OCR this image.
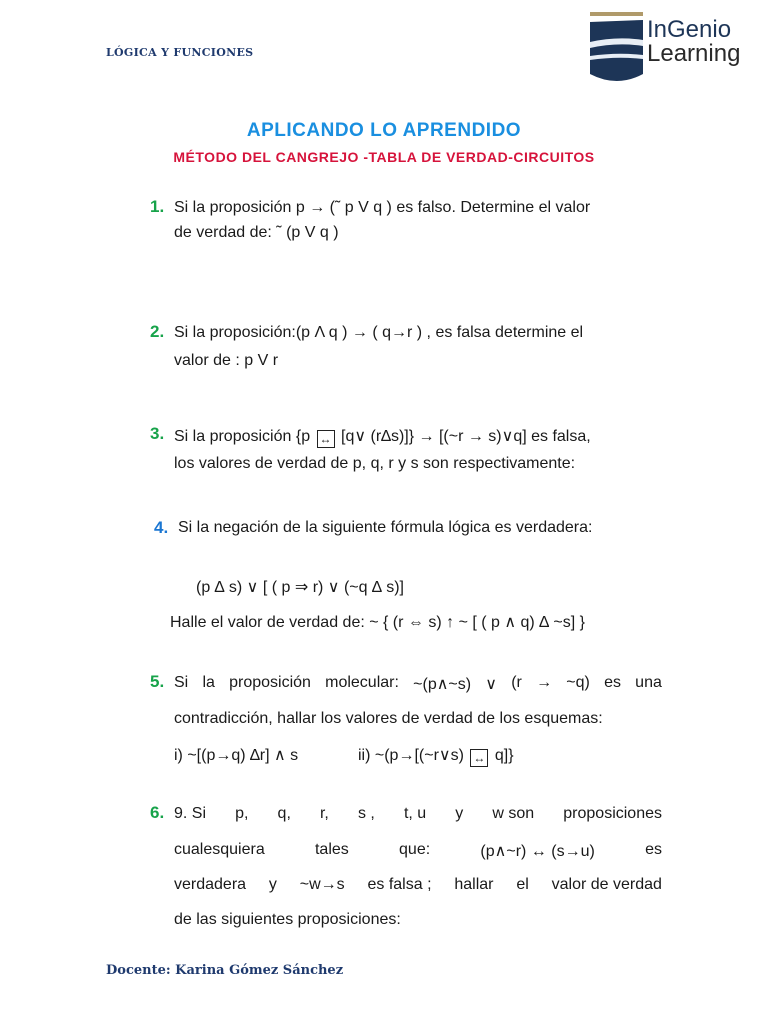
LÓGICA Y FUNCIONES
InGenio
Learning
APLICANDO LO APRENDIDO
MÉTODO DEL CANGREJO -TABLA DE VERDAD-CIRCUITOS
1. Si la proposición p → (˜ p V q ) es falso. Determine el valor
de verdad de: ˜ (p V q )
2. Si la proposición:(p Λ q ) → ( q→r ) , es falsa determine el
valor de : p V r
3. Si la proposición {p ↔ [q∨ (r∆s)]} → [(~r → s)∨q] es falsa,
los valores de verdad de p, q, r y s son respectivamente:
4. Si la negación de la siguiente fórmula lógica es verdadera:
(p ∆ s) ∨ [ ( p ⇒ r) ∨ (~q ∆ s)]
Halle el valor de verdad de: ~ { (r ⇔ s) ↑ ~ [ ( p ∧ q) ∆ ~s] }
5. Si la proposición molecular: ~(p∧~s) ∨ (r → ~q) es una
contradicción, hallar los valores de verdad de los esquemas:
i) ~[(p→q) ∆r] ∧ s	ii) ~(p→[(~r∨s) ↔ q]}
6. 9. Si p, q, r, s , t, u y w son proposiciones
cualesquiera	tales	que:	(p∧~r) ↔ (s→u)	es
verdadera y ~w→s es falsa ; hallar el valor de verdad
de las siguientes proposiciones:
Docente: Karina Gómez Sánchez
